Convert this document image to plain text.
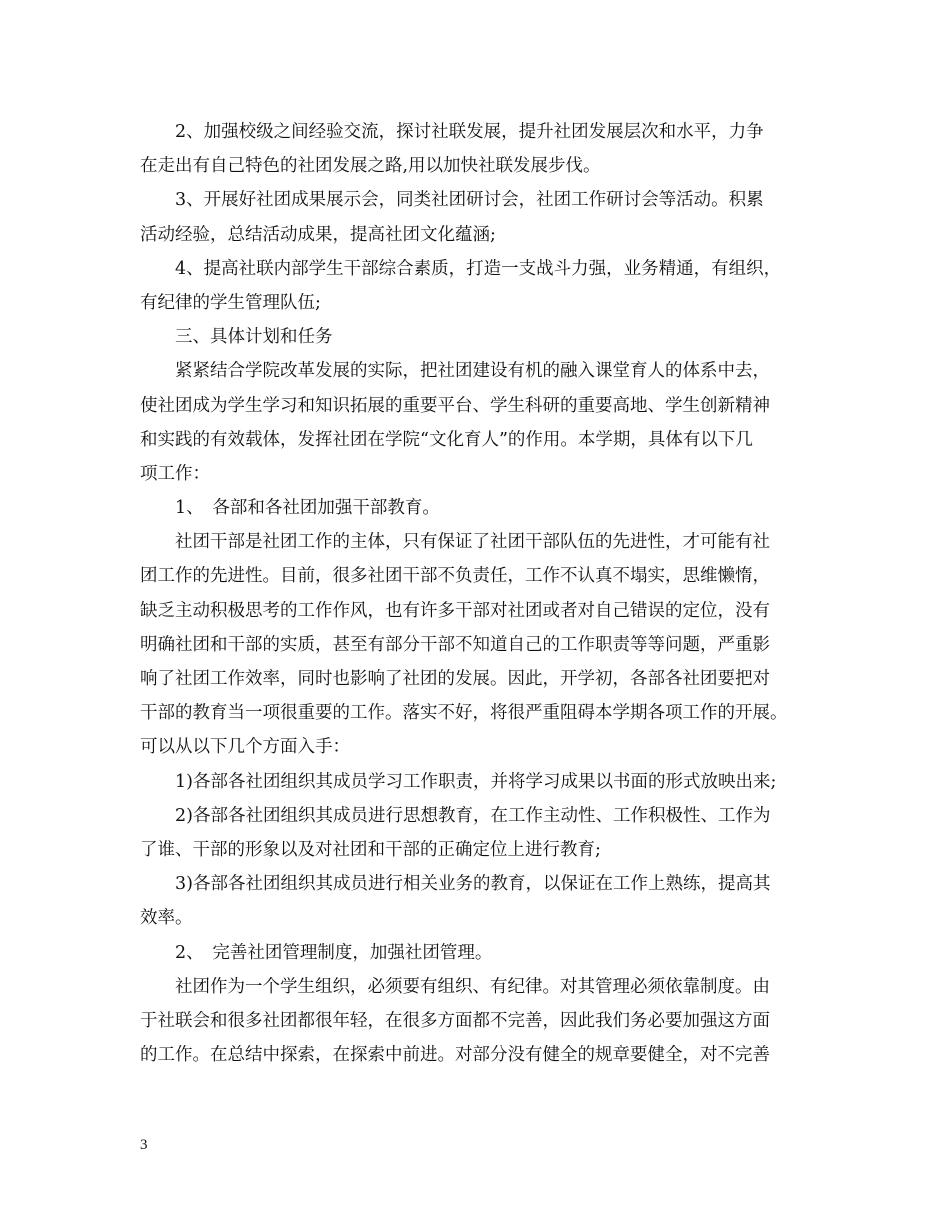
2、加强校级之间经验交流，探讨社联发展，提升社团发展层次和水平，力争
在走出有自己特色的社团发展之路,用以加快社联发展步伐。
3、开展好社团成果展示会，同类社团研讨会，社团工作研讨会等活动。积累
活动经验，总结活动成果，提高社团文化蕴涵;
4、提高社联内部学生干部综合素质，打造一支战斗力强，业务精通，有组织，
有纪律的学生管理队伍;
三、具体计划和任务
紧紧结合学院改革发展的实际，把社团建设有机的融入课堂育人的体系中去，
使社团成为学生学习和知识拓展的重要平台、学生科研的重要高地、学生创新精神
和实践的有效载体，发挥社团在学院“文化育人”的作用。本学期，具体有以下几
项工作：
1、　各部和各社团加强干部教育。
社团干部是社团工作的主体，只有保证了社团干部队伍的先进性，才可能有社
团工作的先进性。目前，很多社团干部不负责任，工作不认真不塌实，思维懒惰，
缺乏主动积极思考的工作作风，也有许多干部对社团或者对自己错误的定位，没有
明确社团和干部的实质，甚至有部分干部不知道自己的工作职责等等问题，严重影
响了社团工作效率，同时也影响了社团的发展。因此，开学初，各部各社团要把对
干部的教育当一项很重要的工作。落实不好，将很严重阻碍本学期各项工作的开展。
可以从以下几个方面入手：
1)各部各社团组织其成员学习工作职责，并将学习成果以书面的形式放映出来;
2)各部各社团组织其成员进行思想教育，在工作主动性、工作积极性、工作为
了谁、干部的形象以及对社团和干部的正确定位上进行教育;
3)各部各社团组织其成员进行相关业务的教育，以保证在工作上熟练，提高其
效率。
2、　完善社团管理制度，加强社团管理。
社团作为一个学生组织，必须要有组织、有纪律。对其管理必须依靠制度。由
于社联会和很多社团都很年轻，在很多方面都不完善，因此我们务必要加强这方面
的工作。在总结中探索，在探索中前进。对部分没有健全的规章要健全，对不完善
3
